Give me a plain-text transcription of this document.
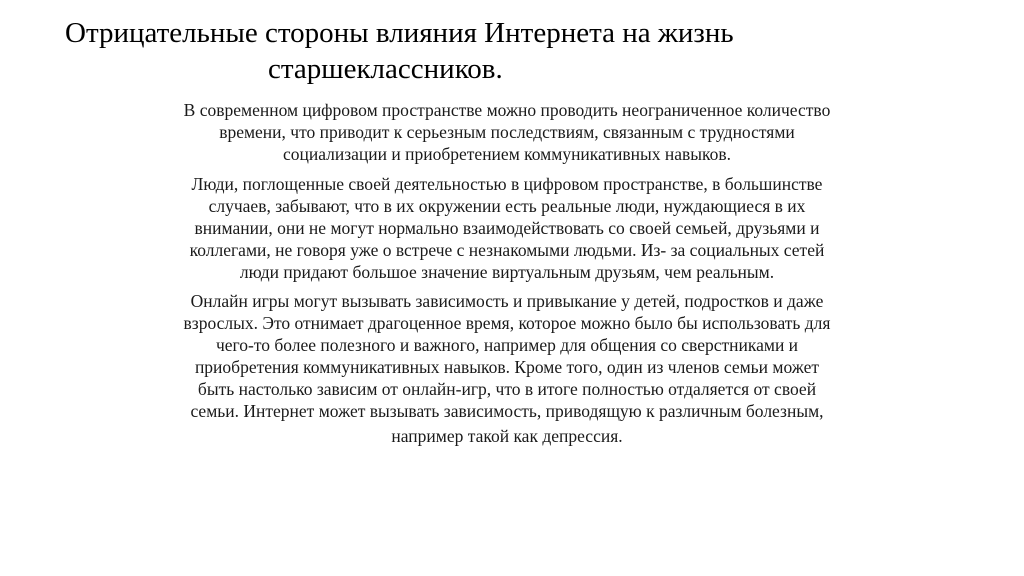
Отрицательные стороны влияния Интернета на жизнь
старшеклассников.

В современном цифровом пространстве можно проводить неограниченное количество
времени, что приводит к серьезным последствиям, связанным с трудностями
социализации и приобретением коммуникативных навыков.

Люди, поглощенные своей деятельностью в цифровом пространстве, в большинстве
случаев, забывают, что в их окружении есть реальные люди, нуждающиеся в их
внимании, они не могут нормально взаимодействовать со своей семьей, друзьями и
коллегами, не говоря уже о встрече с незнакомыми людьми. Из- за социальных сетей
люди придают большое значение виртуальным друзьям, чем реальным.

Онлайн игры могут вызывать зависимость и привыкание у детей, подростков и даже
взрослых. Это отнимает драгоценное время, которое можно было бы использовать для
чего-то более полезного и важного, например для общения со сверстниками и
приобретения коммуникативных навыков. Кроме того, один из членов семьи может
быть настолько зависим от онлайн-игр, что в итоге полностью отдаляется от своей
семьи. Интернет может вызывать зависимость, приводящую к различным болезным,

например такой как депрессия.
